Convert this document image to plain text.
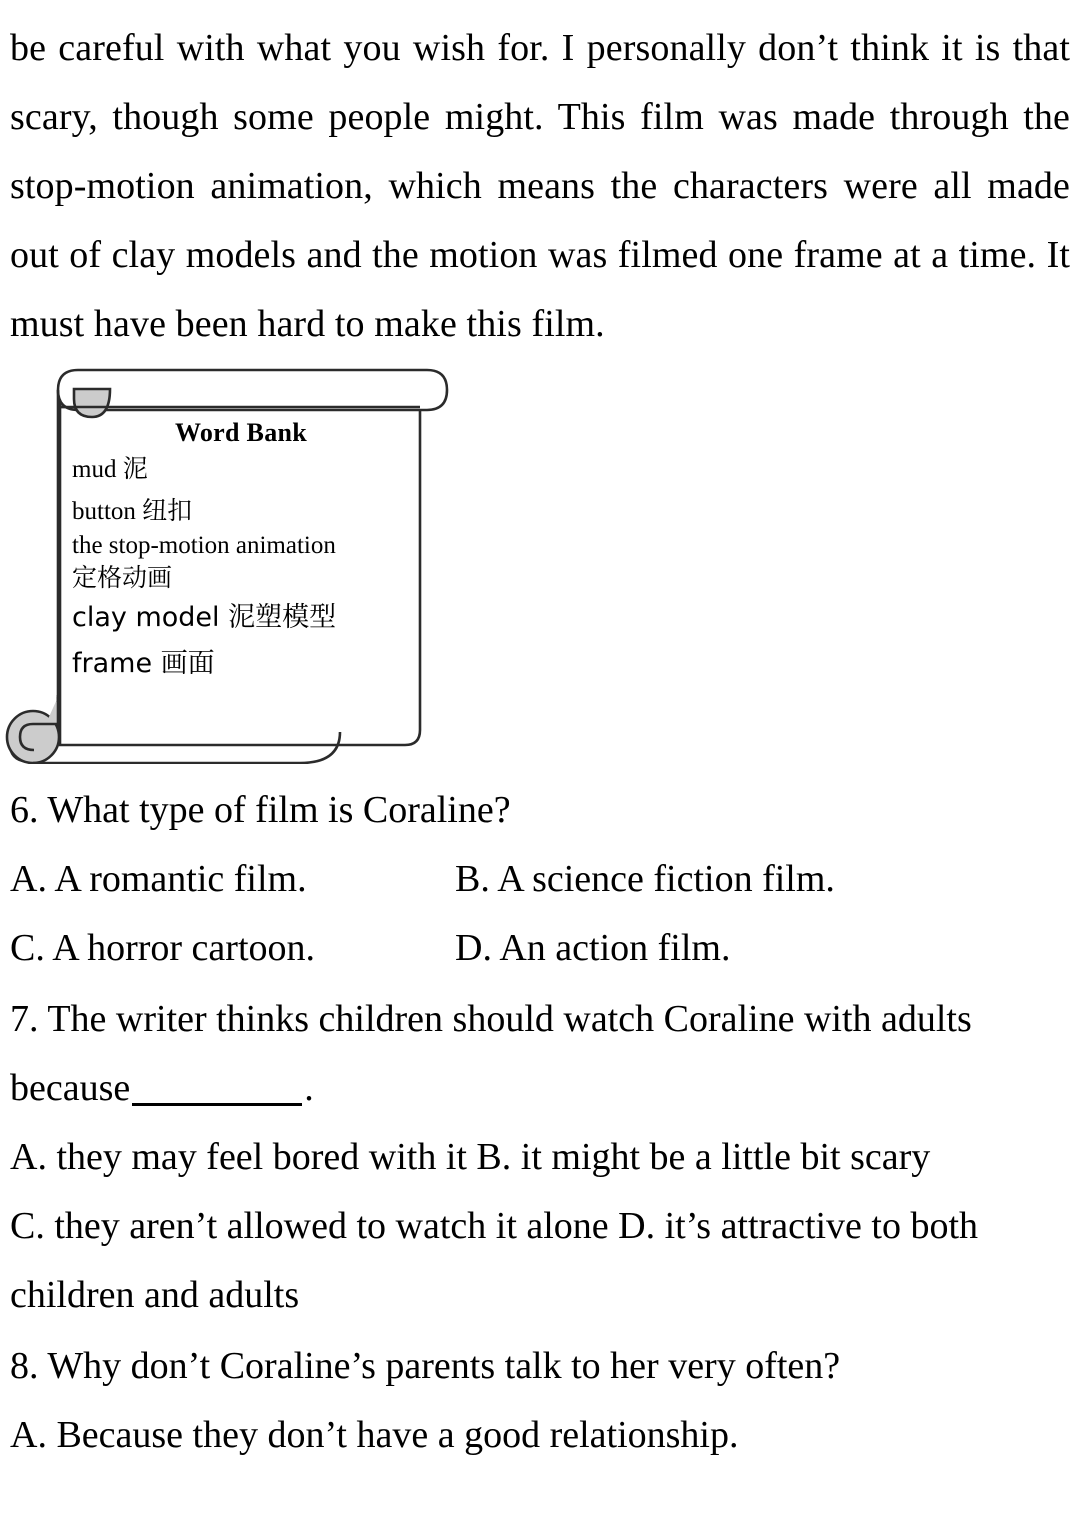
be careful with what you wish for. I personally don’t think it is that scary, though some people might. This film was made through the stop-motion animation, which means the characters were all made out of clay models and the motion was filmed one frame at a time. It must have been hard to make this film.

Word Bank
mud 泥
button 纽扣
the stop-motion animation
定格动画
clay model 泥塑模型
frame 画面
6. What type of film is Coraline?
A. A romantic film.	B. A science fiction film.
C. A horror cartoon.	D. An action film.
7. The writer thinks children should watch Coraline with adults
because	.
A. they may feel bored with it B. it might be a little bit scary
C. they aren’t allowed to watch it alone D. it’s attractive to both
children and adults
8. Why don’t Coraline’s parents talk to her very often?
A. Because they don’t have a good relationship.
